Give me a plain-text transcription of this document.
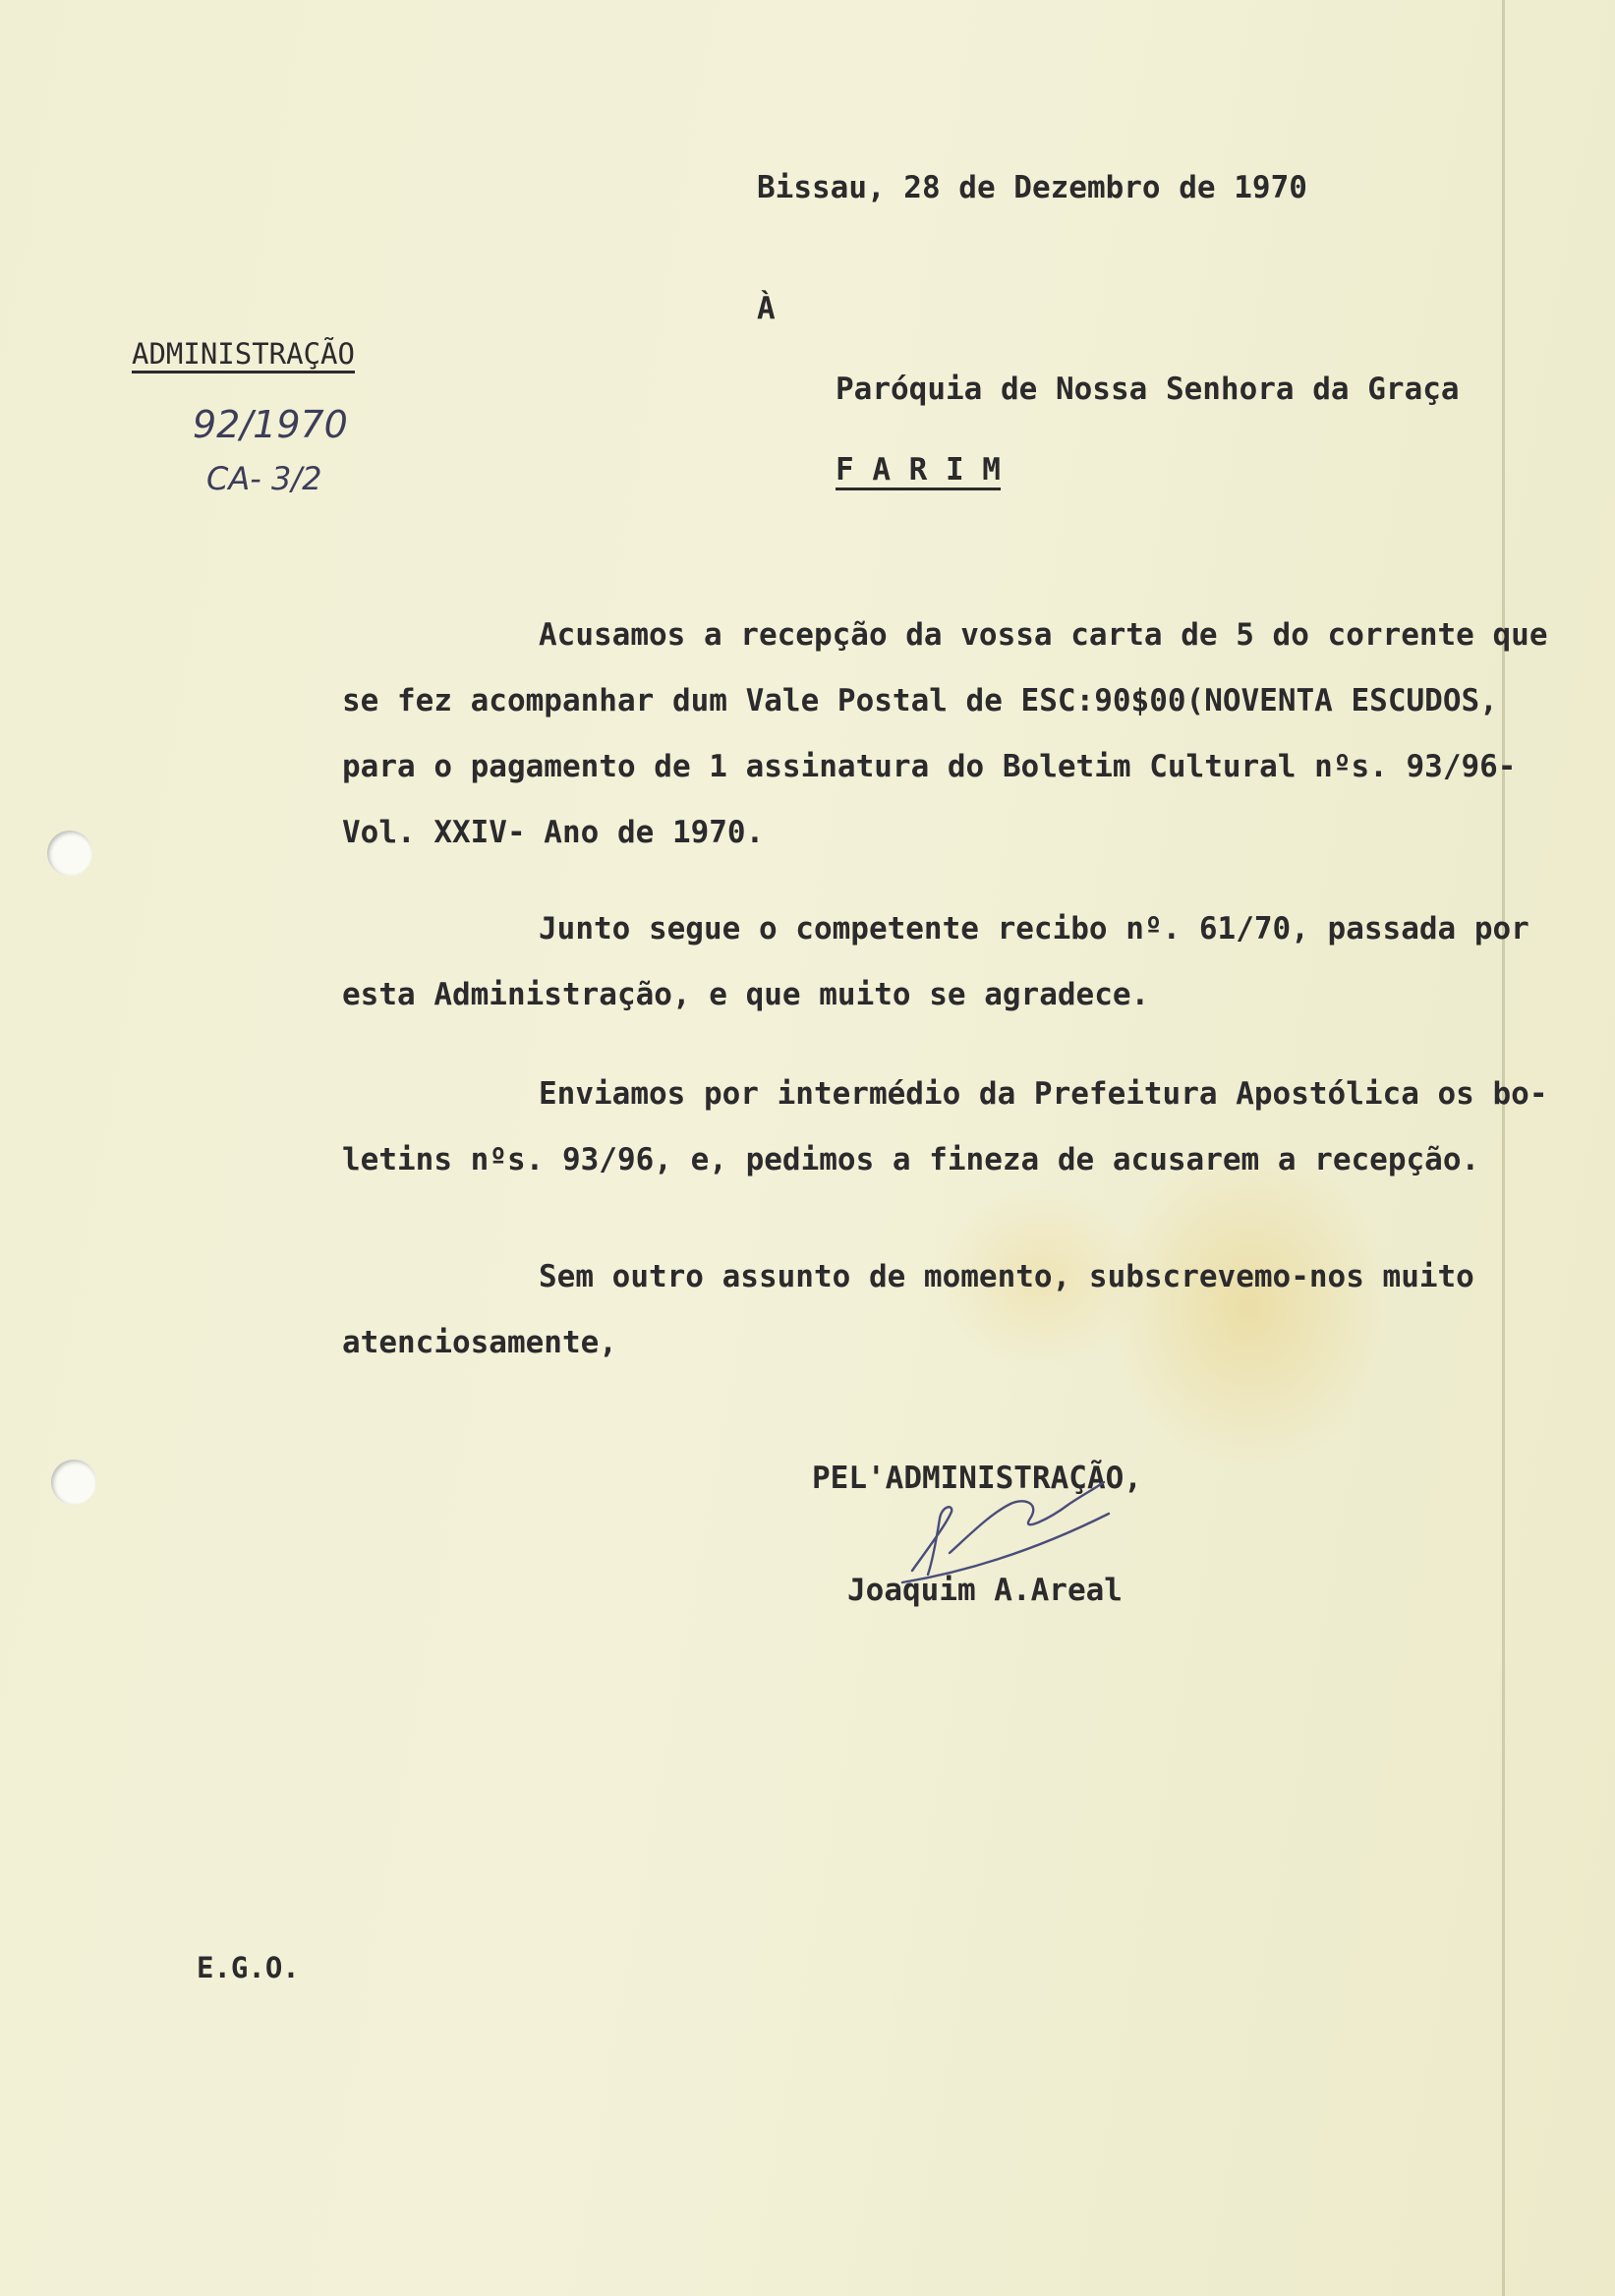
Bissau, 28 de Dezembro de 1970
ADMINISTRAÇÃO
92/1970
CA- 3/2
À
Paróquia de Nossa Senhora da Graça
F A R I M
Acusamos a recepção da vossa carta de 5 do corrente que
se fez acompanhar dum Vale Postal de ESC:90$00(NOVENTA ESCUDOS,
para o pagamento de 1 assinatura do Boletim Cultural nºs. 93/96-
Vol. XXIV- Ano de 1970.
Junto segue o competente recibo nº. 61/70, passada por
esta Administração, e que muito se agradece.
Enviamos por intermédio da Prefeitura Apostólica os bo-
letins nºs. 93/96, e, pedimos a fineza de acusarem a recepção.
Sem outro assunto de momento, subscrevemo-nos muito
atenciosamente,
PEL'ADMINISTRAÇÃO,
Joaquim A.Areal
E.G.O.
